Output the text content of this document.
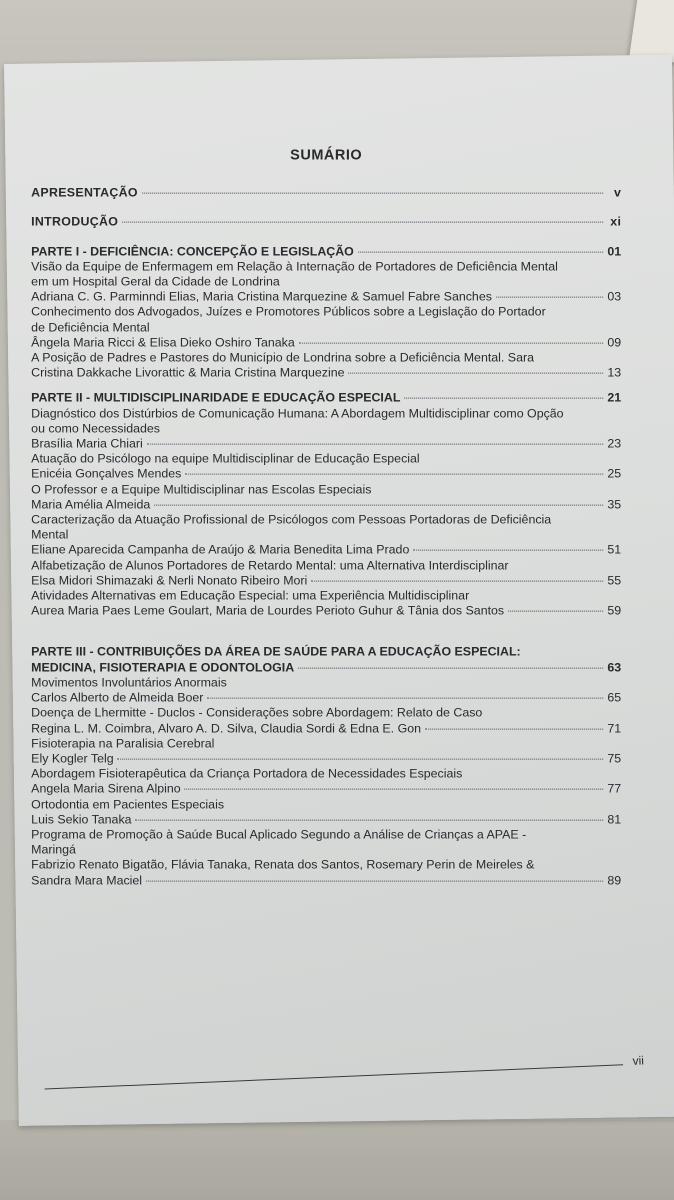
SUMÁRIO
APRESENTAÇÃO	v
INTRODUÇÃO	xi
PARTE I - DEFICIÊNCIA: CONCEPÇÃO E LEGISLAÇÃO	01
Visão da Equipe de Enfermagem em Relação à Internação de Portadores de Deficiência Mental
em um Hospital Geral da Cidade de Londrina
Adriana C. G. Parminndi Elias, Maria Cristina Marquezine & Samuel Fabre Sanches	03
Conhecimento dos Advogados, Juízes e Promotores Públicos sobre a Legislação do Portador
de Deficiência Mental
Ângela Maria Ricci & Elisa Dieko Oshiro Tanaka	09
A Posição de Padres e Pastores do Município de Londrina sobre a Deficiência Mental. Sara
Cristina Dakkache Livorattic & Maria Cristina Marquezine	13
PARTE II - MULTIDISCIPLINARIDADE E EDUCAÇÃO ESPECIAL	21
Diagnóstico dos Distúrbios de Comunicação Humana: A Abordagem Multidisciplinar como Opção
ou como Necessidades
Brasília Maria Chiari	23
Atuação do Psicólogo na equipe Multidisciplinar de Educação Especial
Enicéia Gonçalves Mendes	25
O Professor e a Equipe Multidisciplinar nas Escolas Especiais
Maria Amélia Almeida	35
Caracterização da Atuação Profissional de Psicólogos com Pessoas Portadoras de Deficiência
Mental
Eliane Aparecida Campanha de Araújo & Maria Benedita Lima Prado	51
Alfabetização de Alunos Portadores de Retardo Mental: uma Alternativa Interdisciplinar
Elsa Midori Shimazaki & Nerli Nonato Ribeiro Mori	55
Atividades Alternativas em Educação Especial: uma Experiência Multidisciplinar
Aurea Maria Paes Leme Goulart, Maria de Lourdes Perioto Guhur & Tânia dos Santos	59
PARTE III - CONTRIBUIÇÕES DA ÁREA DE SAÚDE PARA A EDUCAÇÃO ESPECIAL:
MEDICINA, FISIOTERAPIA E ODONTOLOGIA	63
Movimentos Involuntários Anormais
Carlos Alberto de Almeida Boer	65
Doença de Lhermitte - Duclos - Considerações sobre Abordagem: Relato de Caso
Regina L. M. Coimbra, Alvaro A. D. Silva, Claudia Sordi & Edna E. Gon	71
Fisioterapia na Paralisia Cerebral
Ely Kogler Telg	75
Abordagem Fisioterapêutica da Criança Portadora de Necessidades Especiais
Angela Maria Sirena Alpino	77
Ortodontia em Pacientes Especiais
Luis Sekio Tanaka	81
Programa de Promoção à Saúde Bucal Aplicado Segundo a Análise de Crianças a APAE -
Maringá
Fabrizio Renato Bigatão, Flávia Tanaka, Renata dos Santos, Rosemary Perin de Meireles &
Sandra Mara Maciel	89
vii
